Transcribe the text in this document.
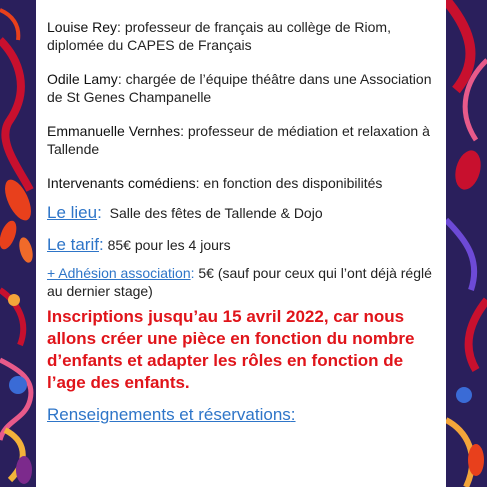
Louise Rey: professeur de français au collège de Riom, diplomée du CAPES de Français

Odile Lamy: chargée de l’équipe théâtre dans une Association de St Genes Champanelle

Emmanuelle Vernhes: professeur de médiation et relaxation à Tallende

Intervenants comédiens: en fonction des disponibilités

Le lieu: Salle des fêtes de Tallende & Dojo

Le tarif: 85€ pour les 4 jours

+ Adhésion association: 5€ (sauf pour ceux qui l’ont déjà réglé au dernier stage)

Inscriptions jusqu’au 15 avril 2022, car nous allons créer une pièce en fonction du nombre d’enfants et adapter les rôles en fonction de l’age des enfants.

Renseignements et réservations:
